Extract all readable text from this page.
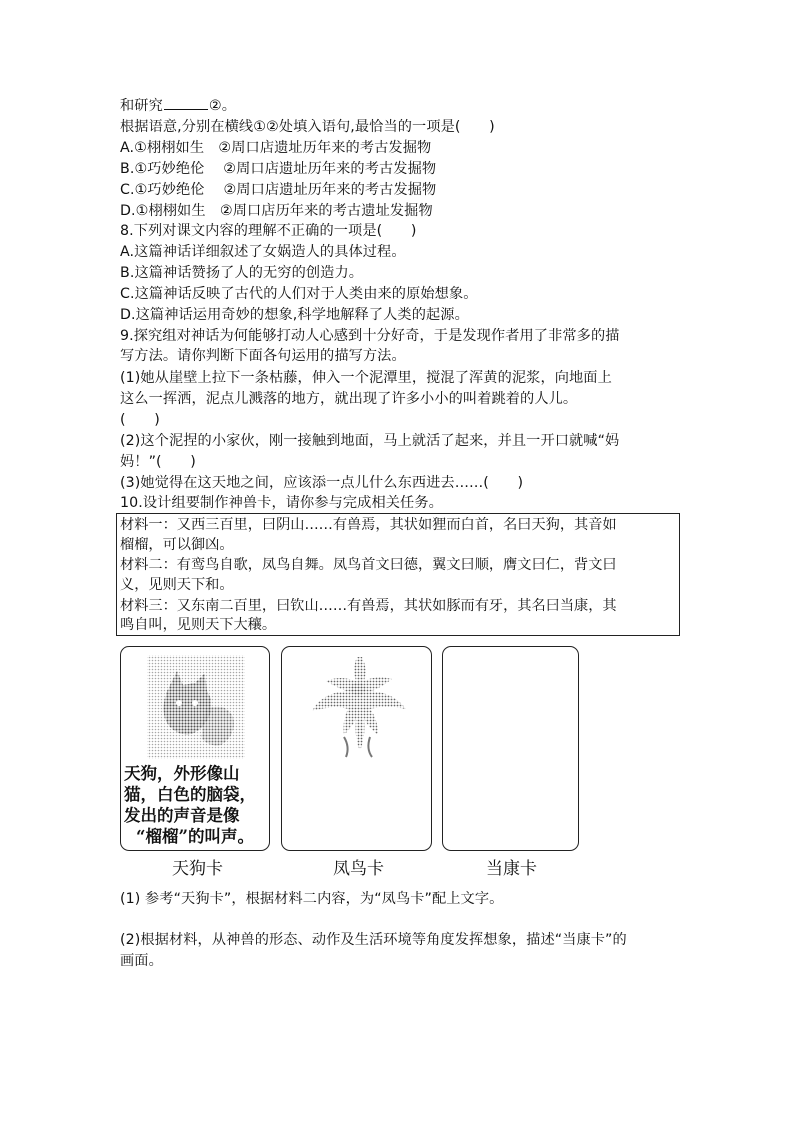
和研究	②。
根据语意,分别在横线①②处填入语句,最恰当的一项是(　　)
A.①栩栩如生　②周口店遗址历年来的考古发掘物
B.①巧妙绝伦　 ②周口店遗址历年来的考古发掘物
C.①巧妙绝伦　 ②周口店遗址历年来的考古发掘物
D.①栩栩如生　②周口店历年来的考古遗址发掘物
8.下列对课文内容的理解不正确的一项是(　　)
A.这篇神话详细叙述了女娲造人的具体过程。
B.这篇神话赞扬了人的无穷的创造力。
C.这篇神话反映了古代的人们对于人类由来的原始想象。
D.这篇神话运用奇妙的想象,科学地解释了人类的起源。
9.探究组对神话为何能够打动人心感到十分好奇，于是发现作者用了非常多的描
写方法。请你判断下面各句运用的描写方法。
(1)她从崖壁上拉下一条枯藤，伸入一个泥潭里，搅混了浑黄的泥浆，向地面上
这么一挥洒，泥点儿溅落的地方，就出现了许多小小的叫着跳着的人儿。
(　　)
(2)这个泥捏的小家伙，刚一接触到地面，马上就活了起来，并且一开口就喊“妈
妈！”(　　)
(3)她觉得在这天地之间，应该添一点儿什么东西进去……(　　)
10.设计组要制作神兽卡，请你参与完成相关任务。
材料一：又西三百里，曰阴山……有兽焉，其状如狸而白首，名曰天狗，其音如
榴榴，可以御凶。
材料二：有鸾鸟自歌，凤鸟自舞。凤鸟首文曰德，翼文曰顺，膺文曰仁，背文曰
义，见则天下和。
材料三：又东南二百里，曰钦山……有兽焉，其状如豚而有牙，其名曰当康，其
鸣自叫，见则天下大穰。
天狗，外形像山
猫，白色的脑袋，
发出的声音是像
“榴榴”的叫声。
天狗卡	凤鸟卡	当康卡
(1) 参考“天狗卡”，根据材料二内容，为“凤鸟卡”配上文字。
(2)根据材料，从神兽的形态、动作及生活环境等角度发挥想象，描述“当康卡”的
画面。
